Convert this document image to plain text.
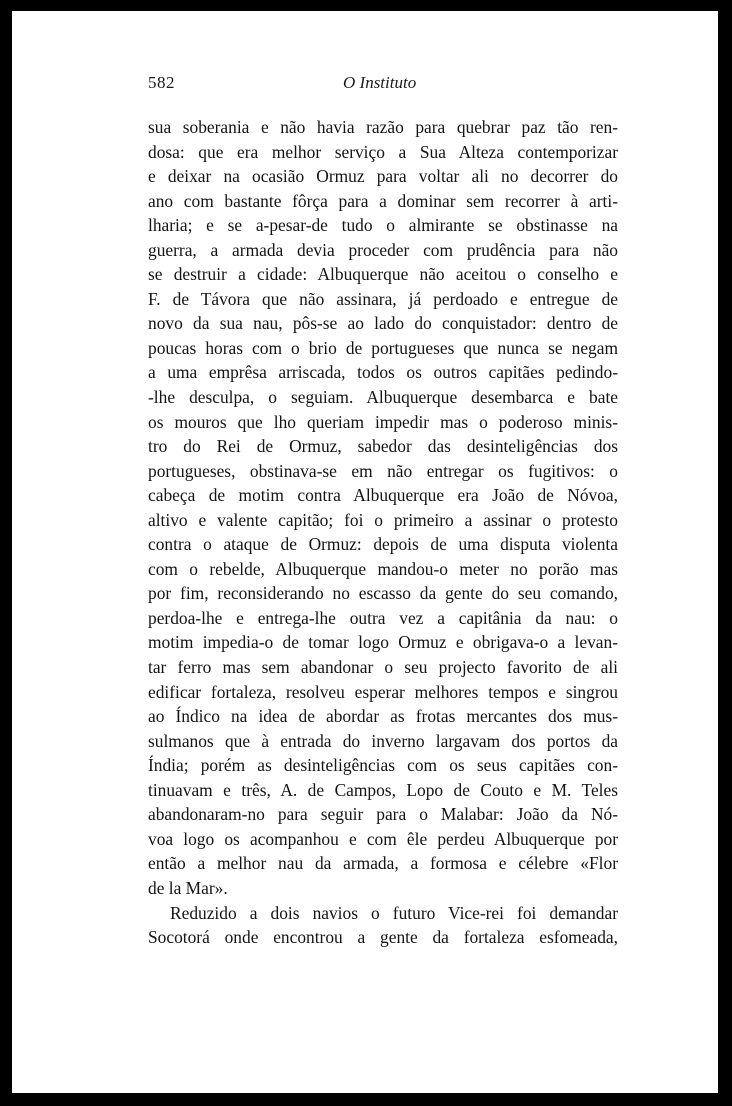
582	O Instituto
sua soberania e não havia razão para quebrar paz tão ren-
dosa: que era melhor serviço a Sua Alteza contemporizar
e deixar na ocasião Ormuz para voltar ali no decorrer do
ano com bastante fôrça para a dominar sem recorrer à arti-
lharia; e se a-pesar-de tudo o almirante se obstinasse na
guerra, a armada devia proceder com prudência para não
se destruir a cidade: Albuquerque não aceitou o conselho e
F. de Távora que não assinara, já perdoado e entregue de
novo da sua nau, pôs-se ao lado do conquistador: dentro de
poucas horas com o brio de portugueses que nunca se negam
a uma emprêsa arriscada, todos os outros capitães pedindo-
-lhe desculpa, o seguiam. Albuquerque desembarca e bate
os mouros que lho queriam impedir mas o poderoso minis-
tro do Rei de Ormuz, sabedor das desinteligências dos
portugueses, obstinava-se em não entregar os fugitivos: o
cabeça de motim contra Albuquerque era João de Nóvoa,
altivo e valente capitão; foi o primeiro a assinar o protesto
contra o ataque de Ormuz: depois de uma disputa violenta
com o rebelde, Albuquerque mandou-o meter no porão mas
por fim, reconsiderando no escasso da gente do seu comando,
perdoa-lhe e entrega-lhe outra vez a capitânia da nau: o
motim impedia-o de tomar logo Ormuz e obrigava-o a levan-
tar ferro mas sem abandonar o seu projecto favorito de ali
edificar fortaleza, resolveu esperar melhores tempos e singrou
ao Índico na idea de abordar as frotas mercantes dos mus-
sulmanos que à entrada do inverno largavam dos portos da
Índia; porém as desinteligências com os seus capitães con-
tinuavam e três, A. de Campos, Lopo de Couto e M. Teles
abandonaram-no para seguir para o Malabar: João da Nó-
voa logo os acompanhou e com êle perdeu Albuquerque por
então a melhor nau da armada, a formosa e célebre «Flor
de la Mar».
Reduzido a dois navios o futuro Vice-rei foi demandar
Socotorá onde encontrou a gente da fortaleza esfomeada,
